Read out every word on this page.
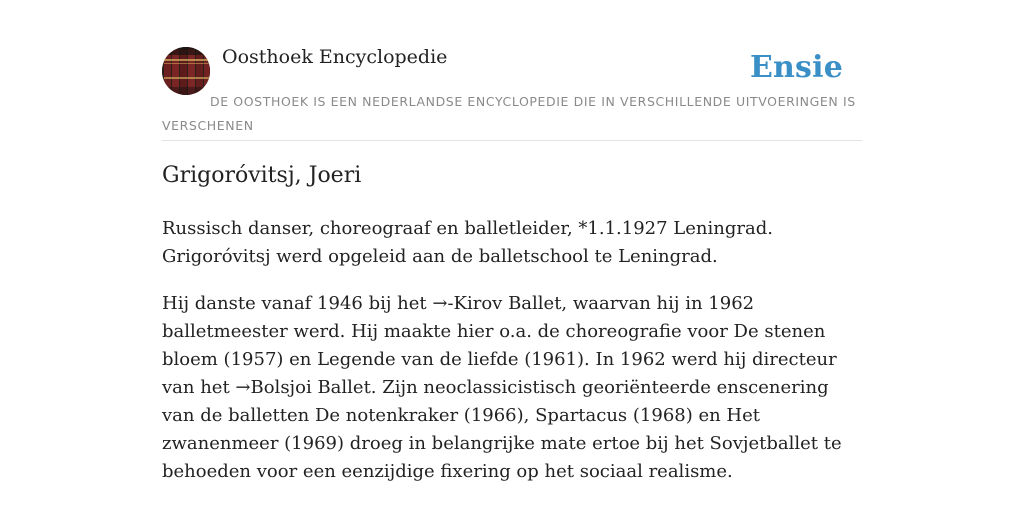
Oosthoek Encyclopedie	Ensie
DE OOSTHOEK IS EEN NEDERLANDSE ENCYCLOPEDIE DIE IN VERSCHILLENDE UITVOERINGEN IS VERSCHENEN
Grigoróvitsj, Joeri

Russisch danser, choreograaf en balletleider, *1.1.1927 Leningrad. Grigoróvitsj werd opgeleid aan de balletschool te Leningrad.

Hij danste vanaf 1946 bij het →-Kirov Ballet, waarvan hij in 1962 balletmeester werd. Hij maakte hier o.a. de choreografie voor De stenen bloem (1957) en Legende van de liefde (1961). In 1962 werd hij directeur van het →Bolsjoi Ballet. Zijn neoclassicistisch georiënteerde enscenering van de balletten De notenkraker (1966), Spartacus (1968) en Het zwanenmeer (1969) droeg in belangrijke mate ertoe bij het Sovjetballet te behoeden voor een eenzijdige fixering op het sociaal realisme.
